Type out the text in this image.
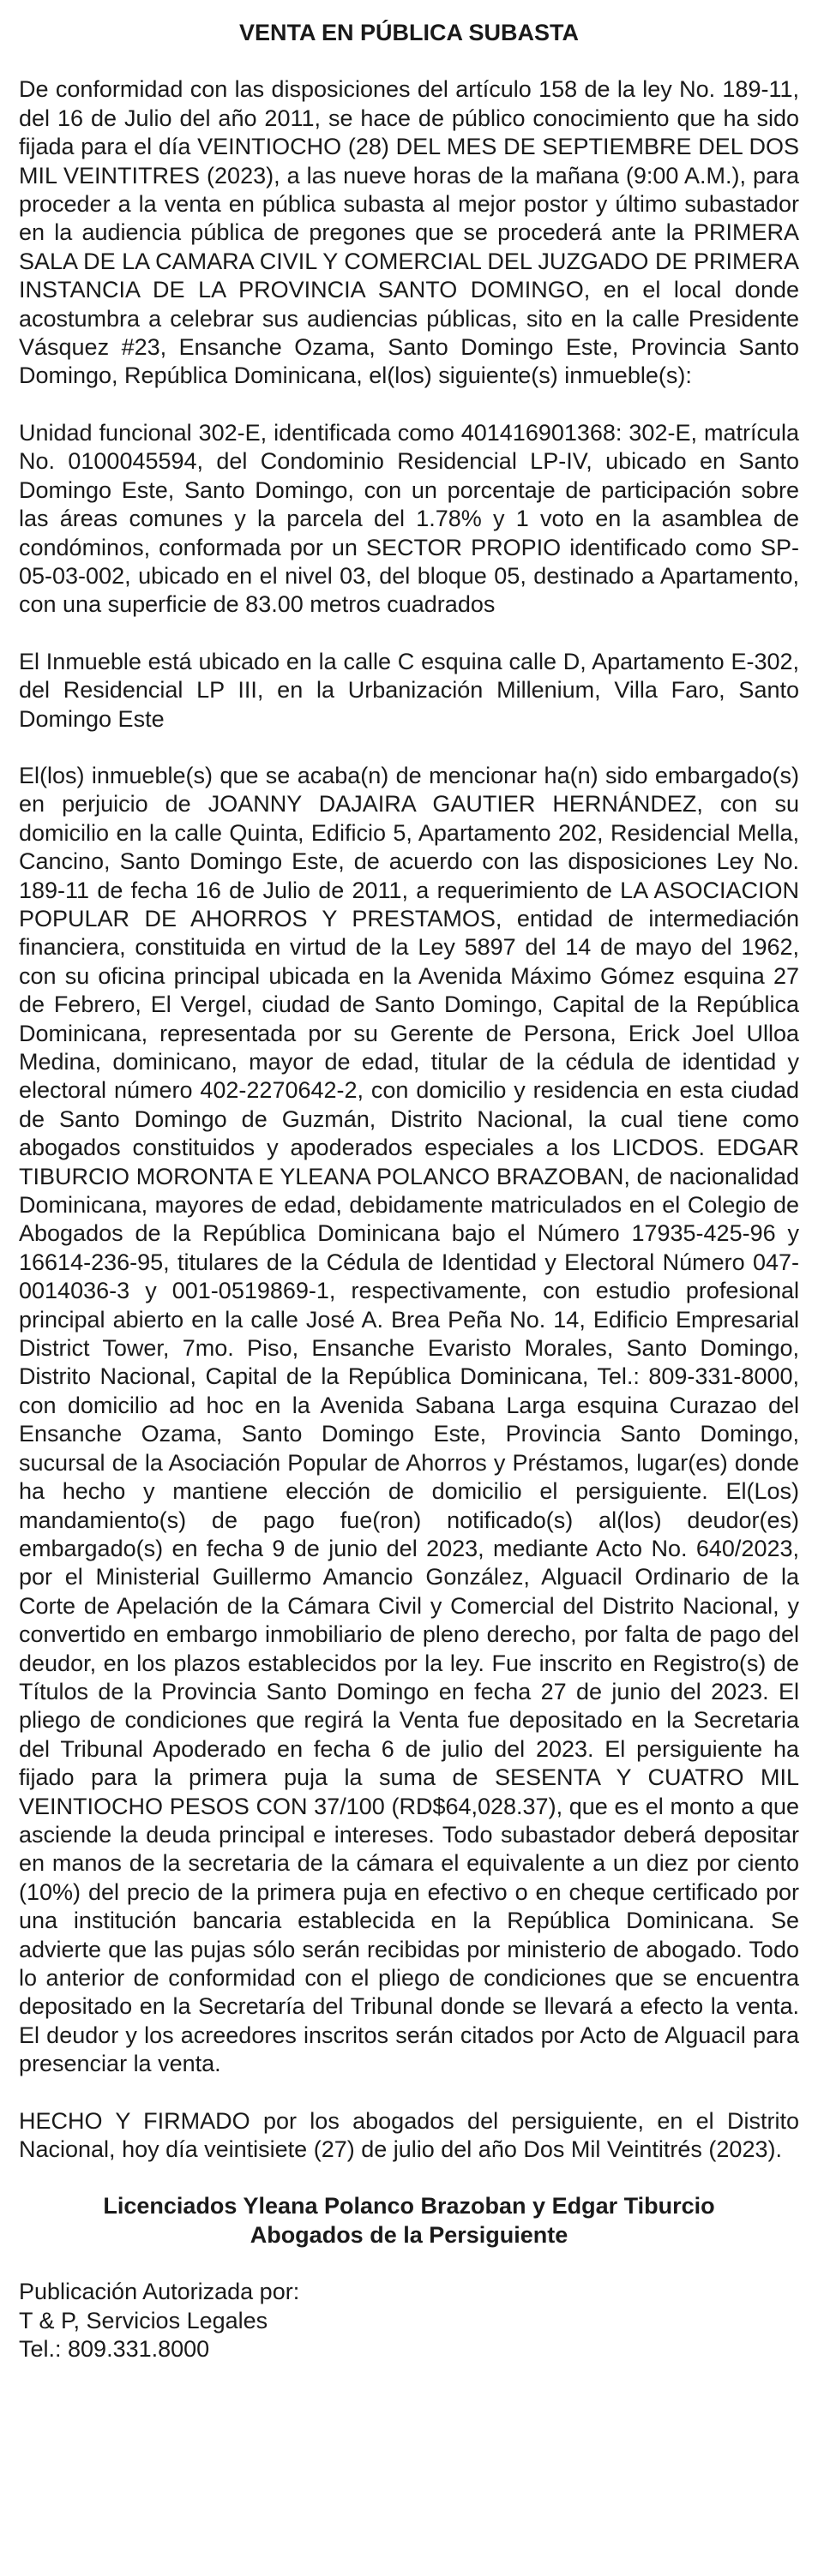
VENTA EN PÚBLICA SUBASTA

De conformidad con las disposiciones del artículo 158 de la ley No. 189-11, del 16 de Julio del año 2011, se hace de público conocimiento que ha sido fijada para el día VEINTIOCHO (28) DEL MES DE SEPTIEMBRE DEL DOS MIL VEINTITRES (2023), a las nueve horas de la mañana (9:00 A.M.), para proceder a la venta en pública subasta al mejor postor y último subastador en la audiencia pública de pregones que se procederá ante la PRIMERA SALA DE LA CAMARA CIVIL Y COMERCIAL DEL JUZGADO DE PRIMERA INSTANCIA DE LA PROVINCIA SANTO DOMINGO, en el local donde acostumbra a celebrar sus audiencias públicas, sito en la calle Presidente Vásquez #23, Ensanche Ozama, Santo Domingo Este, Provincia Santo Domingo, República Dominicana, el(los) siguiente(s) inmueble(s):

Unidad funcional 302-E, identificada como 401416901368: 302-E, matrícula No. 0100045594, del Condominio Residencial LP-IV, ubicado en Santo Domingo Este, Santo Domingo, con un porcentaje de participación sobre las áreas comunes y la parcela del 1.78% y 1 voto en la asamblea de condóminos, conformada por un SECTOR PROPIO identificado como SP-05-03-002, ubicado en el nivel 03, del bloque 05, destinado a Apartamento, con una superficie de 83.00 metros cuadrados

El Inmueble está ubicado en la calle C esquina calle D, Apartamento E-302, del Residencial LP III, en la Urbanización Millenium, Villa Faro, Santo Domingo Este

El(los) inmueble(s) que se acaba(n) de mencionar ha(n) sido embargado(s) en perjuicio de JOANNY DAJAIRA GAUTIER HERNÁNDEZ, con su domicilio en la calle Quinta, Edificio 5, Apartamento 202, Residencial Mella, Cancino, Santo Domingo Este, de acuerdo con las disposiciones Ley No. 189-11 de fecha 16 de Julio de 2011, a requerimiento de LA ASOCIACION POPULAR DE AHORROS Y PRESTAMOS, entidad de intermediación financiera, constituida en virtud de la Ley 5897 del 14 de mayo del 1962, con su oficina principal ubicada en la Avenida Máximo Gómez esquina 27 de Febrero, El Vergel, ciudad de Santo Domingo, Capital de la República Dominicana, representada por su Gerente de Persona, Erick Joel Ulloa Medina, dominicano, mayor de edad, titular de la cédula de identidad y electoral número 402-2270642-2, con domicilio y residencia en esta ciudad de Santo Domingo de Guzmán, Distrito Nacional, la cual tiene como abogados constituidos y apoderados especiales a los LICDOS. EDGAR TIBURCIO MORONTA E YLEANA POLANCO BRAZOBAN, de nacionalidad Dominicana, mayores de edad, debidamente matriculados en el Colegio de Abogados de la República Dominicana bajo el Número 17935-425-96 y 16614-236-95, titulares de la Cédula de Identidad y Electoral Número 047-0014036-3 y 001-0519869-1, respectivamente, con estudio profesional principal abierto en la calle José A. Brea Peña No. 14, Edificio Empresarial District Tower, 7mo. Piso, Ensanche Evaristo Morales, Santo Domingo, Distrito Nacional, Capital de la República Dominicana, Tel.: 809-331-8000, con domicilio ad hoc en la Avenida Sabana Larga esquina Curazao del Ensanche Ozama, Santo Domingo Este, Provincia Santo Domingo, sucursal de la Asociación Popular de Ahorros y Préstamos, lugar(es) donde ha hecho y mantiene elección de domicilio el persiguiente. El(Los) mandamiento(s) de pago fue(ron) notificado(s) al(los) deudor(es) embargado(s) en fecha 9 de junio del 2023, mediante Acto No. 640/2023, por el Ministerial Guillermo Amancio González, Alguacil Ordinario de la Corte de Apelación de la Cámara Civil y Comercial del Distrito Nacional, y convertido en embargo inmobiliario de pleno derecho, por falta de pago del deudor, en los plazos establecidos por la ley. Fue inscrito en Registro(s) de Títulos de la Provincia Santo Domingo en fecha 27 de junio del 2023. El pliego de condiciones que regirá la Venta fue depositado en la Secretaria del Tribunal Apoderado en fecha 6 de julio del 2023. El persiguiente ha fijado para la primera puja la suma de SESENTA Y CUATRO MIL VEINTIOCHO PESOS CON 37/100 (RD$64,028.37), que es el monto a que asciende la deuda principal e intereses. Todo subastador deberá depositar en manos de la secretaria de la cámara el equivalente a un diez por ciento (10%) del precio de la primera puja en efectivo o en cheque certificado por una institución bancaria establecida en la República Dominicana. Se advierte que las pujas sólo serán recibidas por ministerio de abogado. Todo lo anterior de conformidad con el pliego de condiciones que se encuentra depositado en la Secretaría del Tribunal donde se llevará a efecto la venta. El deudor y los acreedores inscritos serán citados por Acto de Alguacil para presenciar la venta.

HECHO Y FIRMADO por los abogados del persiguiente, en el Distrito Nacional, hoy día veintisiete (27) de julio del año Dos Mil Veintitrés (2023).

Licenciados Yleana Polanco Brazoban y Edgar Tiburcio
Abogados de la Persiguiente
Publicación Autorizada por:
T & P, Servicios Legales
Tel.: 809.331.8000
